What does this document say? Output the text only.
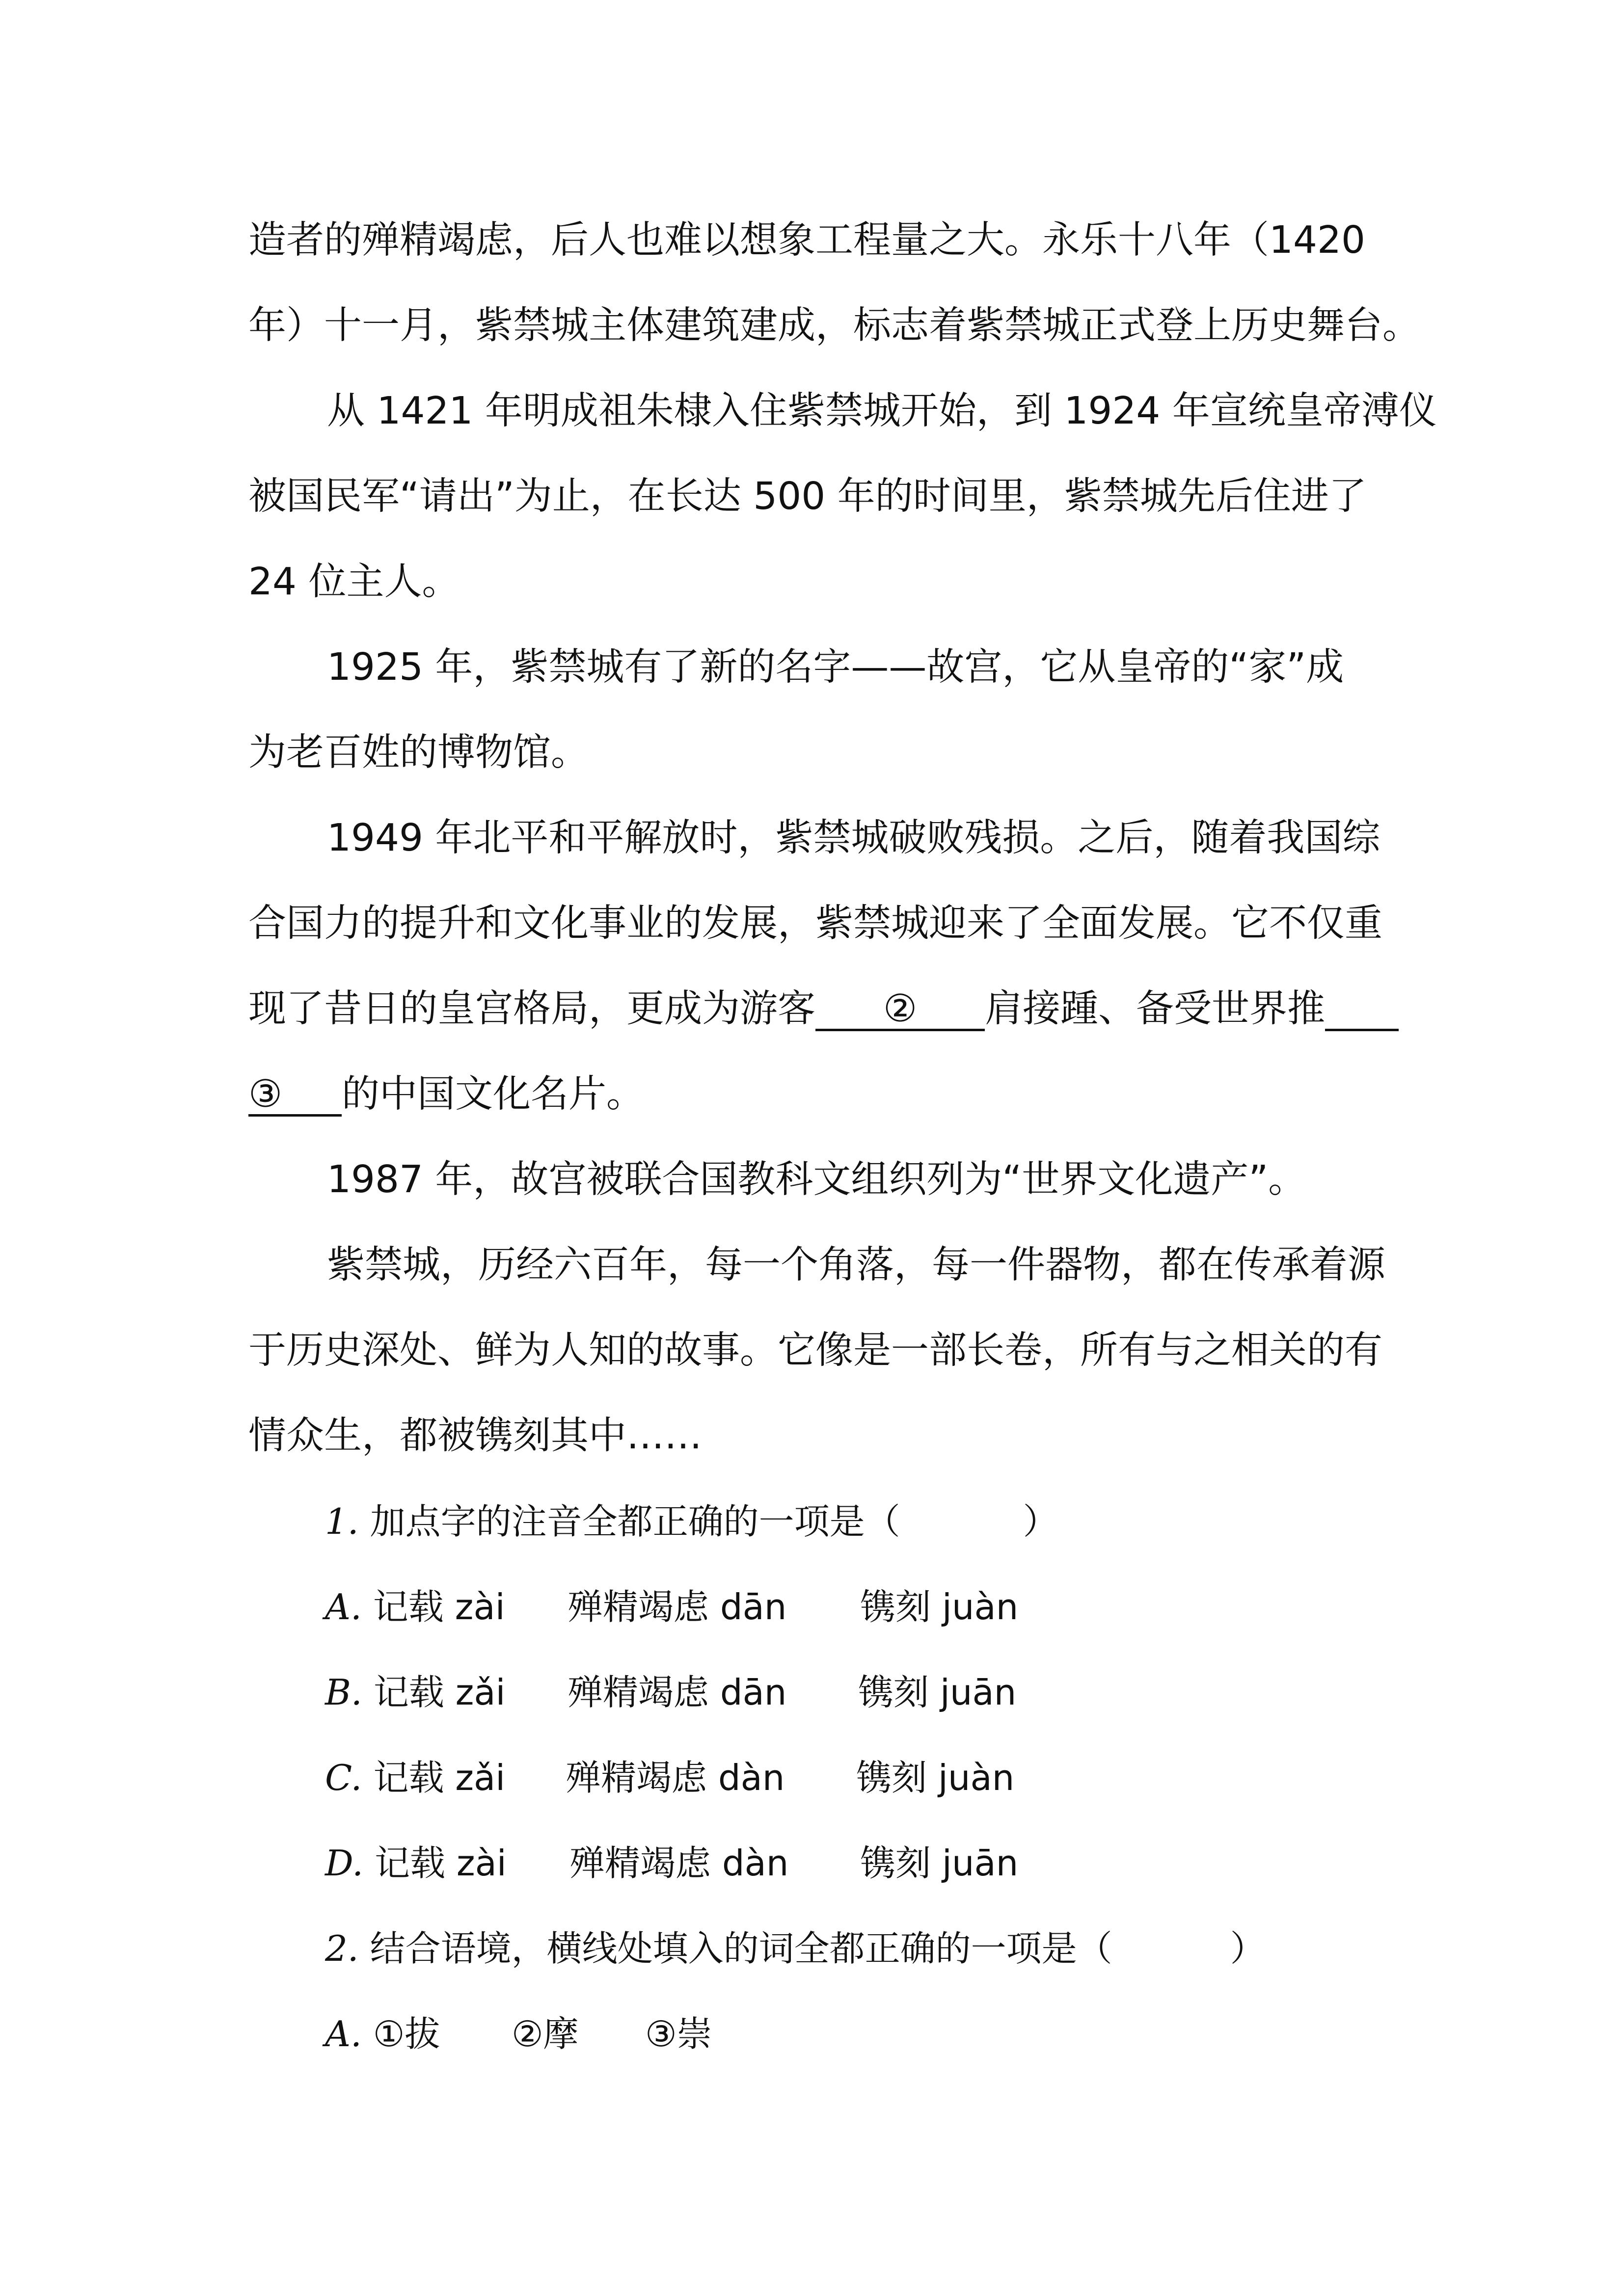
造者的殚精竭虑，后人也难以想象工程量之大。永乐十八年（1420
年）十一月，紫禁城主体建筑建成，标志着紫禁城正式登上历史舞台。
从 1421 年明成祖朱棣入住紫禁城开始，到 1924 年宣统皇帝溥仪
被国民军“请出”为止，在长达 500 年的时间里，紫禁城先后住进了
24 位主人。
1925 年，紫禁城有了新的名字——故宫，它从皇帝的“家”成
为老百姓的博物馆。
1949 年北平和平解放时，紫禁城破败残损。之后，随着我国综
合国力的提升和文化事业的发展，紫禁城迎来了全面发展。它不仅重
现了昔日的皇宫格局，更成为游客 ② 肩接踵、备受世界推
③ 的中国文化名片。
1987 年，故宫被联合国教科文组织列为“世界文化遗产”。
紫禁城，历经六百年，每一个角落，每一件器物，都在传承着源
于历史深处、鲜为人知的故事。它像是一部长卷，所有与之相关的有
情众生，都被镌刻其中……
1. 加点字的注音全都正确的一项是（	）
A. 记载 zài 殚精竭虑 dān 镌刻 juàn
B. 记载 zǎi 殚精竭虑 dān 镌刻 juān
C. 记载 zǎi 殚精竭虑 dàn 镌刻 juàn
D. 记载 zài 殚精竭虑 dàn 镌刻 juān
2. 结合语境，横线处填入的词全都正确的一项是（	）
A. ①拔 ②摩 ③崇
